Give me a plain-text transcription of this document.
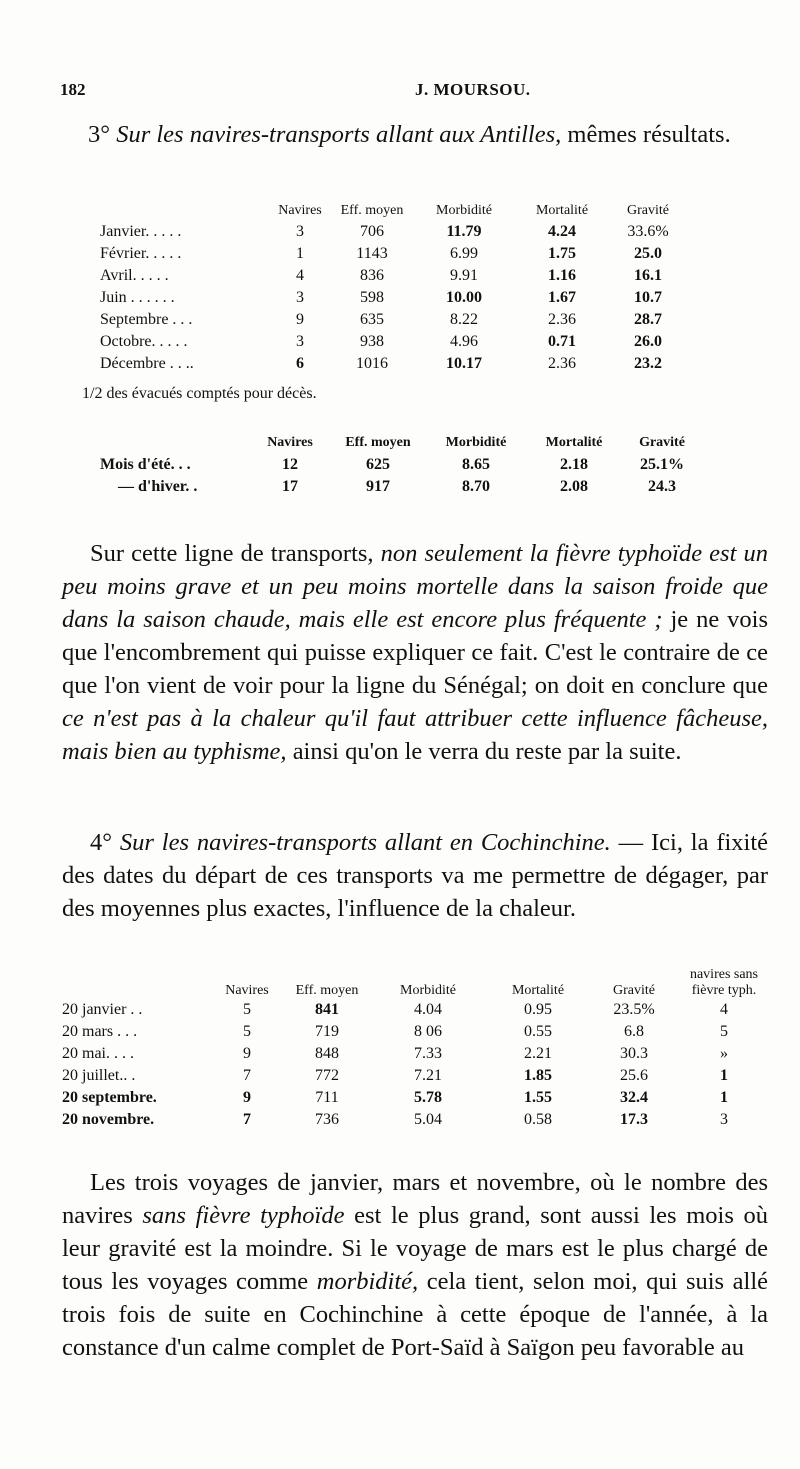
182	J. MOURSOU.
3° Sur les navires-transports allant aux Antilles, mêmes résultats.
	Navires	Eff. moyen	Morbidité	Mortalité	Gravité
Janvier. . . . .	3	706	11.79	4.24	33.6%
Février. . . . .	1	1143	6.99	1.75	25.0
Avril. . . . .	4	836	9.91	1.16	16.1
Juin . . . . . .	3	598	10.00	1.67	10.7
Septembre . . .	9	635	8.22	2.36	28.7
Octobre. . . . .	3	938	4.96	0.71	26.0
Décembre . . ..	6	1016	10.17	2.36	23.2
1/2 des évacués comptés pour décès.
	Navires	Eff. moyen	Morbidité	Mortalité	Gravité
Mois d'été. . .	12	625	8.65	2.18	25.1%
— d'hiver. .	17	917	8.70	2.08	24.3
Sur cette ligne de transports, non seulement la fièvre typhoïde est un peu moins grave et un peu moins mortelle dans la saison froide que dans la saison chaude, mais elle est encore plus fréquente ; je ne vois que l'encombrement qui puisse expliquer ce fait. C'est le contraire de ce que l'on vient de voir pour la ligne du Sénégal; on doit en conclure que ce n'est pas à la chaleur qu'il faut attribuer cette influence fâcheuse, mais bien au typhisme, ainsi qu'on le verra du reste par la suite.
4° Sur les navires-transports allant en Cochinchine. — Ici, la fixité des dates du départ de ces transports va me permettre de dégager, par des moyennes plus exactes, l'influence de la chaleur.
	Navires	Eff. moyen	Morbidité	Mortalité	Gravité	navires sans fièvre typh.
20 janvier . .	5	841	4.04	0.95	23.5%	4
20 mars . . .	5	719	8 06	0.55	6.8	5
20 mai. . . .	9	848	7.33	2.21	30.3	»
20 juillet.. .	7	772	7.21	1.85	25.6	1
20 septembre.	9	711	5.78	1.55	32.4	1
20 novembre.	7	736	5.04	0.58	17.3	3
Les trois voyages de janvier, mars et novembre, où le nombre des navires sans fièvre typhoïde est le plus grand, sont aussi les mois où leur gravité est la moindre. Si le voyage de mars est le plus chargé de tous les voyages comme morbidité, cela tient, selon moi, qui suis allé trois fois de suite en Cochinchine à cette époque de l'année, à la constance d'un calme complet de Port-Saïd à Saïgon peu favorable au
